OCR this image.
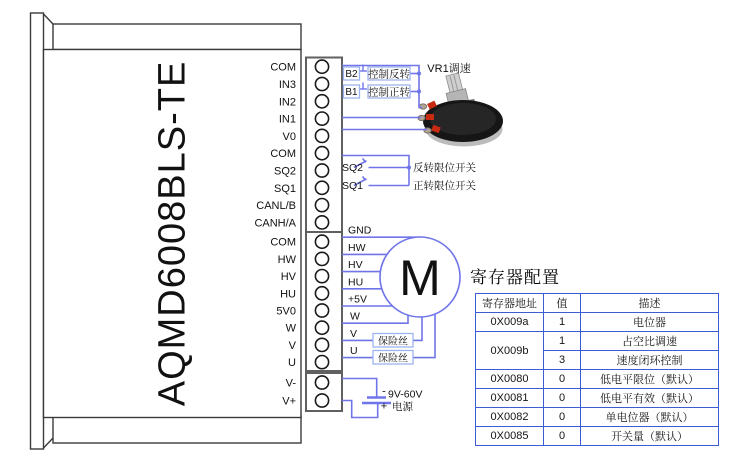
AQMD6008BLS-TE	COM
IN3
IN2
IN1
V0
COM
SQ2
SQ1
CANL/B
CANH/A
COM
HW
HV
HU
5V0
W
V
U
V-
V+
VR1调速
B2 控制反转
B1 控制正转
SQ2
SQ1
反转限位开关
正转限位开关
保险丝
保险丝
M
GND
HW
HV
HU
+5V
W
V
U
-
+
9V-60V
电源
寄存器配置
寄存器地址	值	描述
0X009a	1	电位器
0X009b	1	占空比调速
	3	速度闭环控制
0X0080	0	低电平限位（默认）
0X0081	0	低电平有效（默认）
0X0082	0	单电位器（默认）
0X0085	0	开关量（默认）
